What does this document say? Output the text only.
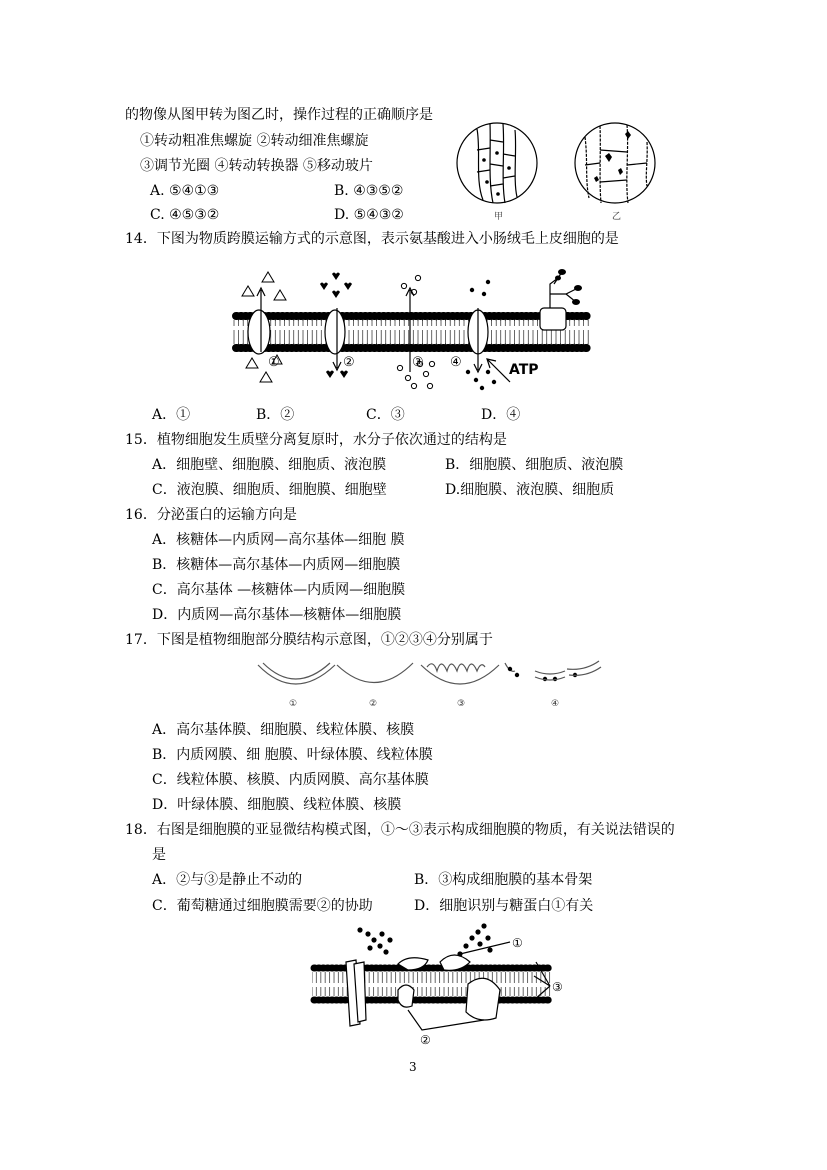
的物像从图甲转为图乙时，操作过程的正确顺序是
①转动粗准焦螺旋 ②转动细准焦螺旋
③调节光圈 ④转动转换器 ⑤移动玻片
A. ⑤④①③	B. ④③⑤②
C. ④⑤③②	D. ⑤④③②	甲	乙
14．下图为物质跨膜运输方式的示意图，表示氨基酸进入小肠绒毛上皮细胞的是
①	②	③ ④	ATP
A．①	B．②	C．③	D．④
15．植物细胞发生质壁分离复原时，水分子依次通过的结构是
A．细胞壁、细胞膜、细胞质、液泡膜	B．细胞膜、细胞质、液泡膜
C．液泡膜、细胞质、细胞膜、细胞壁	D.细胞膜、液泡膜、细胞质
16．分泌蛋白的运输方向是
A．核糖体—内质网—高尔基体—细胞 膜
B．核糖体—高尔基体—内质网—细胞膜
C．高尔基体 —核糖体—内质网—细胞膜
D．内质网—高尔基体—核糖体—细胞膜
17．下图是植物细胞部分膜结构示意图，①②③④分别属于
①	②	③	④
A．高尔基体膜、细胞膜、线粒体膜、核膜
B．内质网膜、细 胞膜、叶绿体膜、线粒体膜
C．线粒体膜、核膜、内质网膜、高尔基体膜
D．叶绿体膜、细胞膜、线粒体膜、核膜
18．右图是细胞膜的亚显微结构模式图，①～③表示构成细胞膜的物质，有关说法错误的
是
A．②与③是静止不动的	B．③构成细胞膜的基本骨架
C．葡萄糖通过细胞膜需要②的协助	D．细胞识别与糖蛋白①有关
①
②
③
3
